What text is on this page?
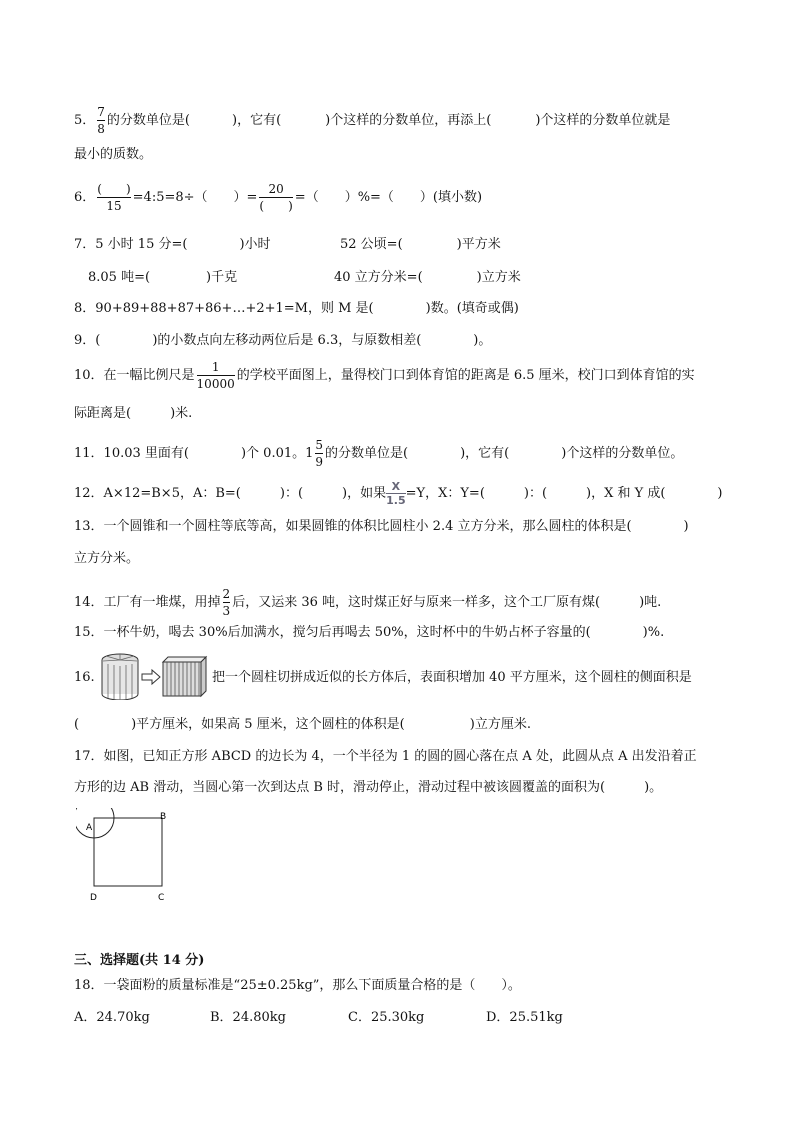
5． $\frac{7}{8}$ 的分数单位是(	)，它有(	)个这样的分数单位，再添上(	)个这样的分数单位就是
最小的质数。
6． $\frac{( )}{15}$ =4:5=8÷（　　）= $\frac{20}{( )}$ =（　　）%=（　　）(填小数)
7．5 小时 15 分=(	)小时	52 公顷=(	)平方米
8.05 吨=(	)千克	40 立方分米=(	)立方米
8．90+89+88+87+86+…+2+1=M，则 M 是(　　　　)数。(填奇或偶)
9．(　　　　)的小数点向左移动两位后是 6.3，与原数相差(　　　　)。
10．在一幅比例尺是 $\frac{1}{10000}$ 的学校平面图上，量得校门口到体育馆的距离是 6.5 厘米，校门口到体育馆的实
际距离是(　　　)米.
11．10.03 里面有(　　　　)个 0.01。$1 \frac{5}{9}$ 的分数单位是(　　　　)，它有(　　　　)个这样的分数单位。
12．A×12=B×5，A：B=(　　　)：(　　　)，如果 $\frac{X}{1.5} =Y$，X：Y=(　　　)：(　　　)，X 和 Y 成(　　　　)
13．一个圆锥和一个圆柱等底等高，如果圆锥的体积比圆柱小 2.4 立方分米，那么圆柱的体积是(　　　　)
立方分米。
14．工厂有一堆煤，用掉 $\frac{2}{3}$ 后，又运来 36 吨，这时煤正好与原来一样多，这个工厂原有煤(　　　)吨.
15．一杯牛奶，喝去 30%后加满水，搅匀后再喝去 50%，这时杯中的牛奶占杯子容量的(　　　　)%.
16.	把一个圆柱切拼成近似的长方体后，表面积增加 40 平方厘米，这个圆柱的侧面积是
(　　　　)平方厘米，如果高 5 厘米，这个圆柱的体积是(　　　　　)立方厘米.
17．如图，已知正方形 ABCD 的边长为 4，一个半径为 1 的圆的圆心落在点 A 处，此圆从点 A 出发沿着正
方形的边 AB 滑动，当圆心第一次到达点 B 时，滑动停止，滑动过程中被该圆覆盖的面积为(　　　)。
A
B
C
D
三、选择题(共 14 分)
18．一袋面粉的质量标准是“25±0.25kg”，那么下面质量合格的是（　　）。
A．24.70kg	B．24.80kg	C．25.30kg	D．25.51kg
